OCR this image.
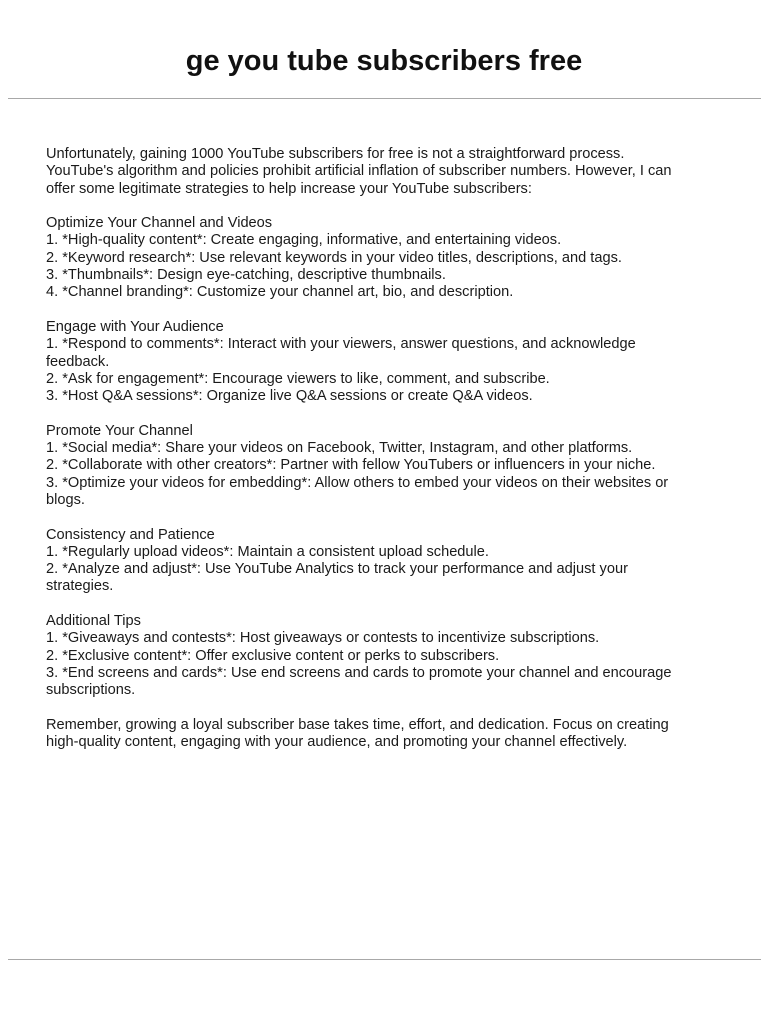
ge you tube subscribers free
Unfortunately, gaining 1000 YouTube subscribers for free is not a straightforward process.
YouTube's algorithm and policies prohibit artificial inflation of subscriber numbers. However, I can
offer some legitimate strategies to help increase your YouTube subscribers:
Optimize Your Channel and Videos
1. *High-quality content*: Create engaging, informative, and entertaining videos.
2. *Keyword research*: Use relevant keywords in your video titles, descriptions, and tags.
3. *Thumbnails*: Design eye-catching, descriptive thumbnails.
4. *Channel branding*: Customize your channel art, bio, and description.
Engage with Your Audience
1. *Respond to comments*: Interact with your viewers, answer questions, and acknowledge
feedback.
2. *Ask for engagement*: Encourage viewers to like, comment, and subscribe.
3. *Host Q&A sessions*: Organize live Q&A sessions or create Q&A videos.
Promote Your Channel
1. *Social media*: Share your videos on Facebook, Twitter, Instagram, and other platforms.
2. *Collaborate with other creators*: Partner with fellow YouTubers or influencers in your niche.
3. *Optimize your videos for embedding*: Allow others to embed your videos on their websites or
blogs.
Consistency and Patience
1. *Regularly upload videos*: Maintain a consistent upload schedule.
2. *Analyze and adjust*: Use YouTube Analytics to track your performance and adjust your
strategies.
Additional Tips
1. *Giveaways and contests*: Host giveaways or contests to incentivize subscriptions.
2. *Exclusive content*: Offer exclusive content or perks to subscribers.
3. *End screens and cards*: Use end screens and cards to promote your channel and encourage
subscriptions.
Remember, growing a loyal subscriber base takes time, effort, and dedication. Focus on creating
high-quality content, engaging with your audience, and promoting your channel effectively.
